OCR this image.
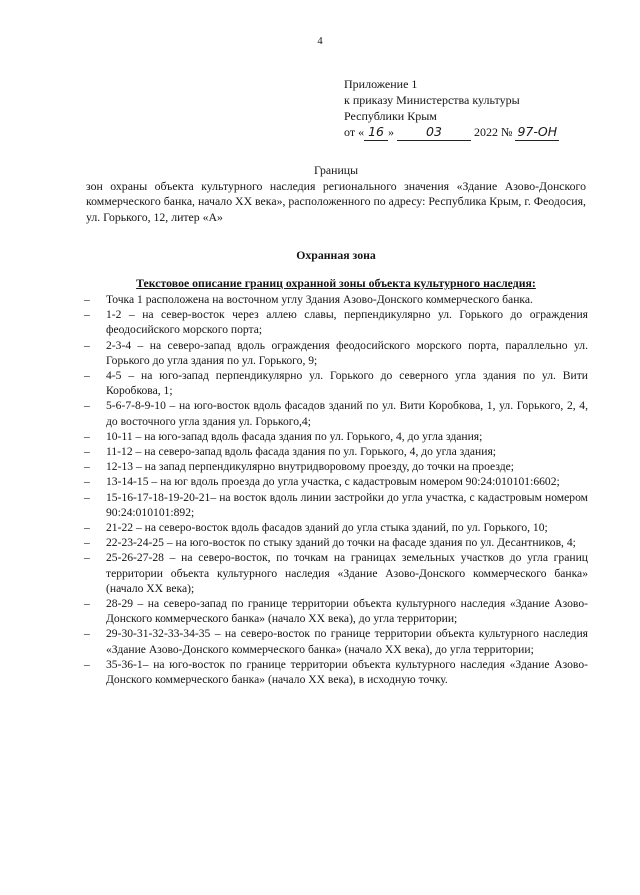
4
Приложение 1
к приказу Министерства культуры
Республики Крым
от « 16 »	03	2022 № 97-ОН
Границы
зон охраны объекта культурного наследия регионального значения «Здание Азово-Донского коммерческого банка, начало XX века», расположенного по адресу: Республика Крым, г. Феодосия, ул. Горького, 12, литер «А»
Охранная зона
Текстовое описание границ охранной зоны объекта культурного наследия:
– Точка 1 расположена на восточном углу Здания Азово-Донского коммерческого банка.
– 1-2 – на север-восток через аллею славы, перпендикулярно ул. Горького до ограждения феодосийского морского порта;
– 2-3-4 – на северо-запад вдоль ограждения феодосийского морского порта, параллельно ул. Горького до угла здания по ул. Горького, 9;
– 4-5 – на юго-запад перпендикулярно ул. Горького до северного угла здания по ул. Вити Коробкова, 1;
– 5-6-7-8-9-10 – на юго-восток вдоль фасадов зданий по ул. Вити Коробкова, 1, ул. Горького, 2, 4, до восточного угла здания ул. Горького,4;
– 10-11 – на юго-запад вдоль фасада здания по ул. Горького, 4, до угла здания;
– 11-12 – на северо-запад вдоль фасада здания по ул. Горького, 4, до угла здания;
– 12-13 – на запад перпендикулярно внутридворовому проезду, до точки на проезде;
– 13-14-15 – на юг вдоль проезда до угла участка, с кадастровым номером 90:24:010101:6602;
– 15-16-17-18-19-20-21– на восток вдоль линии застройки до угла участка, с кадастровым номером 90:24:010101:892;
– 21-22 – на северо-восток вдоль фасадов зданий до угла стыка зданий, по ул. Горького, 10;
– 22-23-24-25 – на юго-восток по стыку зданий до точки на фасаде здания по ул. Десантников, 4;
– 25-26-27-28 – на северо-восток, по точкам на границах земельных участков до угла границ территории объекта культурного наследия «Здание Азово-Донского коммерческого банка» (начало XX века);
– 28-29 – на северо-запад по границе территории объекта культурного наследия «Здание Азово-Донского коммерческого банка» (начало XX века), до угла территории;
– 29-30-31-32-33-34-35 – на северо-восток по границе территории объекта культурного наследия «Здание Азово-Донского коммерческого банка» (начало XX века), до угла территории;
– 35-36-1– на юго-восток по границе территории объекта культурного наследия «Здание Азово-Донского коммерческого банка» (начало XX века), в исходную точку.
